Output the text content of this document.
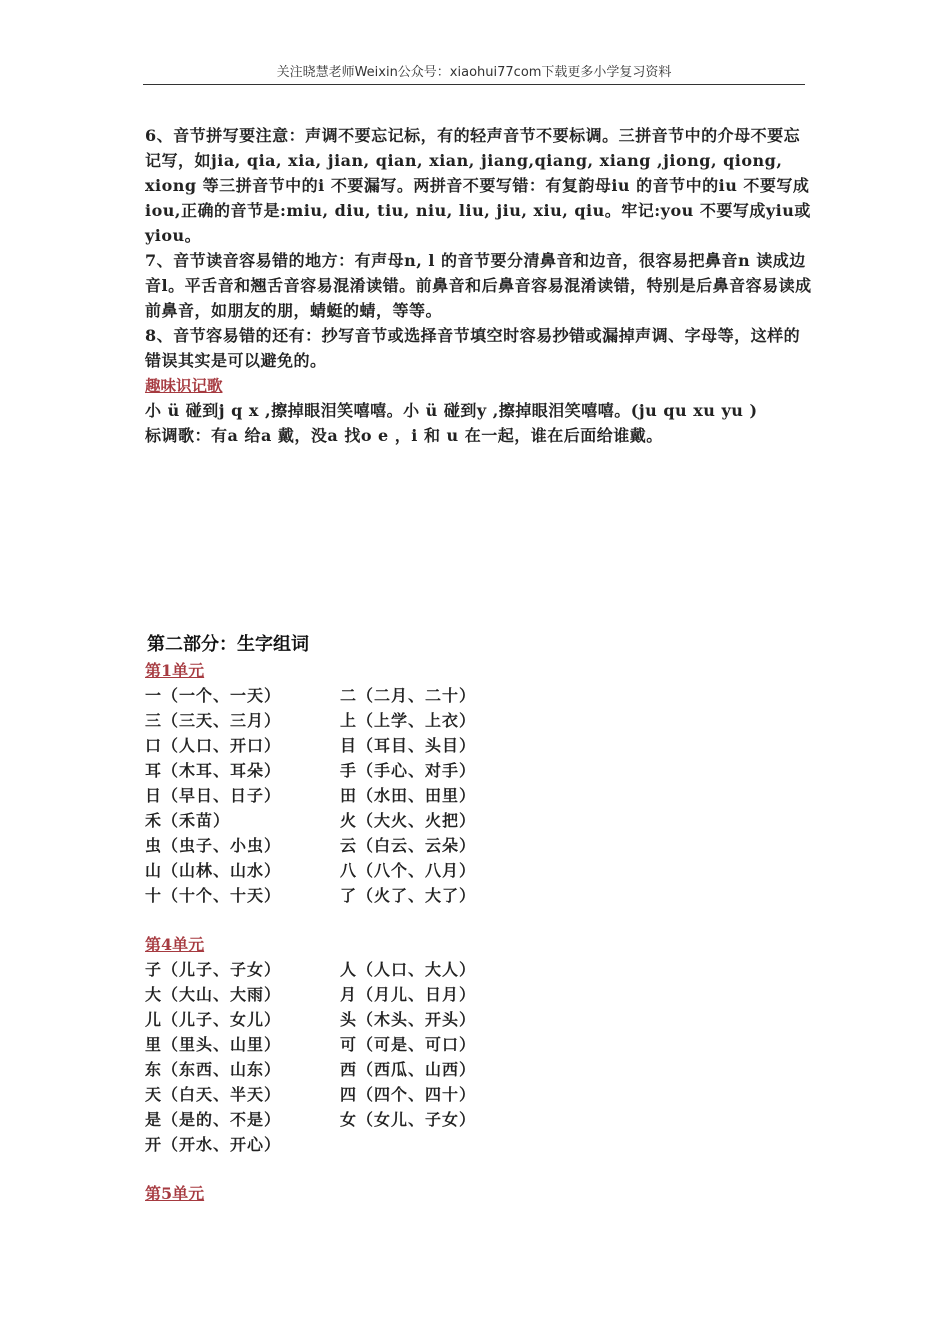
关注晓慧老师Weixin公众号：xiaohui77com下载更多小学复习资料

6、音节拼写要注意：声调不要忘记标，有的轻声音节不要标调。三拼音节中的介母不要忘记写，如jia, qia, xia, jian, qian, xian, jiang,qiang, xiang ,jiong, qiong, xiong 等三拼音节中的i 不要漏写。两拼音不要写错：有复韵母iu 的音节中的iu 不要写成iou,正确的音节是:miu, diu, tiu, niu, liu, jiu, xiu, qiu。牢记:you 不要写成yiu或yiou。

7、音节读音容易错的地方：有声母n, l 的音节要分清鼻音和边音，很容易把鼻音n 读成边音l。平舌音和翘舌音容易混淆读错。前鼻音和后鼻音容易混淆读错，特别是后鼻音容易读成前鼻音，如朋友的朋，蜻蜓的蜻，等等。

8、音节容易错的还有：抄写音节或选择音节填空时容易抄错或漏掉声调、字母等，这样的错误其实是可以避免的。

趣味识记歌

小 ü 碰到j q x ,擦掉眼泪笑嘻嘻。小 ü 碰到y ,擦掉眼泪笑嘻嘻。(ju qu xu yu )

标调歌：有a 给a 戴，没a 找o e ，i 和 u 在一起，谁在后面给谁戴。

第二部分：生字组词
第1单元
一（一个、一天）	二（二月、二十）
三（三天、三月）	上（上学、上衣）
口（人口、开口）	目（耳目、头目）
耳（木耳、耳朵）	手（手心、对手）
日（早日、日子）	田（水田、田里）
禾（禾苗）	火（大火、火把）
虫（虫子、小虫）	云（白云、云朵）
山（山林、山水）	八（八个、八月）
十（十个、十天）	了（火了、大了）
第4单元
子（儿子、子女）	人（人口、大人）
大（大山、大雨）	月（月儿、日月）
儿（儿子、女儿）	头（木头、开头）
里（里头、山里）	可（可是、可口）
东（东西、山东）	西（西瓜、山西）
天（白天、半天）	四（四个、四十）
是（是的、不是）	女（女儿、子女）
开（开水、开心）
第5单元
